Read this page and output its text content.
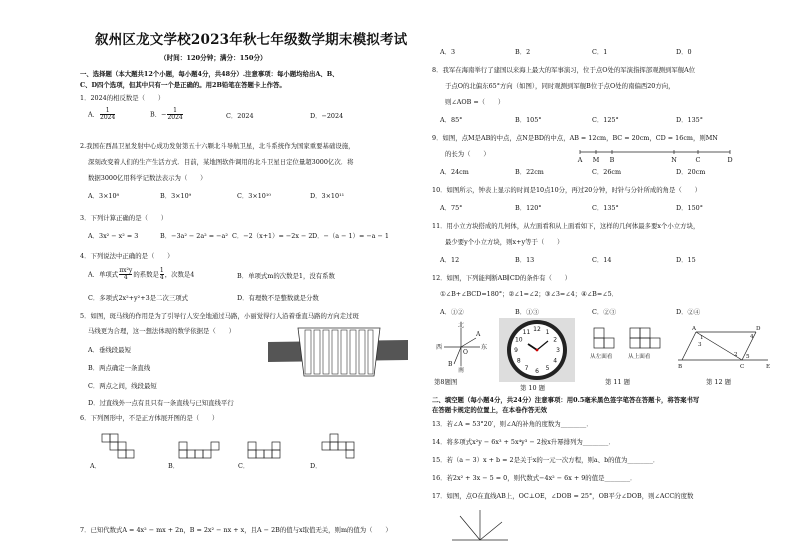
叙州区龙文学校2023年秋七年级数学期末模拟考试
（时间：120分钟；满分：150分）
一、选择题（本大题共12个小题，每小题4分，共48分）.注意事项：每小题均给出A、B、
C、D四个选项，但其中只有一个是正确的。用2B铅笔在答题卡上作答。
1．2024的相反数是（　　）
A． $\frac{1}{2024}$	B．− $\frac{1}{2024}$	C．2024	D．−2024
2.我国在西昌卫星发射中心成功发射第五十六颗北斗导航卫星，北斗系统作为国家重要基础设施，
深刻改变着人们的生产生活方式．目前，某地图软件调用的北斗卫星日定位量超3000亿次．将
数据3000亿用科学记数法表示为（　　）
A．3×10⁸	B．3×10⁹	C．3×10¹⁰	D．3×10¹¹
3．下列计算正确的是（　　）
A．3x² − x² = 3	B．−3a² − 2a² = −a² C．−2（x+1）= −2x − 2 D．−（a − 1）= −a − 1
4．下列说法中正确的是（　　）
A．单项式 $\frac{\text{πx²y}}{4}$ 的系数是 $\frac{1}{4}$ ，次数是4	B．单项式m的次数是1，没有系数
C．多项式2x²+y²+3是二次三项式	D．有理数不是整数就是分数
5．如图，斑马线的作用是为了引导行人安全地通过马路，小丽觉得行人沿着垂直马路的方向走过斑
马线更为合理，这一想法体现的数学依据是（　　）
A．垂线段最短
B．两点确定一条直线
C．两点之间，线段最短
D．过直线外一点有且只有一条直线与已知直线平行
6．下列图形中，不是正方体展开图的是（　　）
A．	B．	C．	D．
7．已知代数式A = 4x² − mx + 2n，B = 2x² − nx + x，且A − 2B的值与x取值无关，则m的值为（　　）
A．3	B．2	C．1	D．0
8．我军在海南举行了建国以来海上最大的军事演习，位于点O处的军演指挥部观测到军舰A位
于点O的北偏东65°方向（如图），同时观测到军舰B位于点O处的南偏西20方向，
则∠AOB =（　　）
A．85°	B．105°	C．125°	D．135°
9．如图，点M是AB的中点，点N是BD的中点，AB = 12cm，BC = 20cm，CD = 16cm，则MN
的长为（　　）
A M B	N	C	D
A．24cm	B．22cm	C．26cm	D．20cm
10．如图所示，钟表上显示的时间是10点10分，再过20分钟，时针与分针所成的角是（　　）
A．75°	B．120°	C．135°	D．150°
11．用小立方块搭成的几何体，从左面看和从上面看如下，这样的几何体最多要x个小立方块，
最少要y个小立方块，则x+y等于（　　）
A．12	B．13	C．14	D．15
12．如图，下列能判断AB∥CD的条件有（　　）
①∠B+∠BCD=180°；②∠1=∠2；③∠3=∠4；④∠B=∠5．
A．①②	B．①③	C．②③	D．②④
北
南
西	东
A
B
O
第8题图
12 1
2
3
4
5
6
7
8
9
10
11
第 10 题
从左面看	从上面看
第 11 题
A
B	C
D
E
1
2
3
4
5
第 12 题
二、填空题（每小题4分，共24分）注意事项：用0.5毫米黑色签字笔答在答题卡，将答案书写
在答题卡规定的位置上，在本卷作答无效
13．若∠A = 53°20′，则∠A的补角的度数为________．
14．将多项式x²y − 6x³ + 5x⁴y³ − 2按x升幂排列为________．
15．若（a − 3）x + b = 2是关于x的一元一次方程，则a、b的值为________．
16．若2x² + 3x − 5 = 0，则代数式−4x² − 6x + 9的值是________．
17．如图，点O在直线AB上，OC⊥OE，∠DOB = 25°，OB平分∠DOB，则∠ACC的度数
